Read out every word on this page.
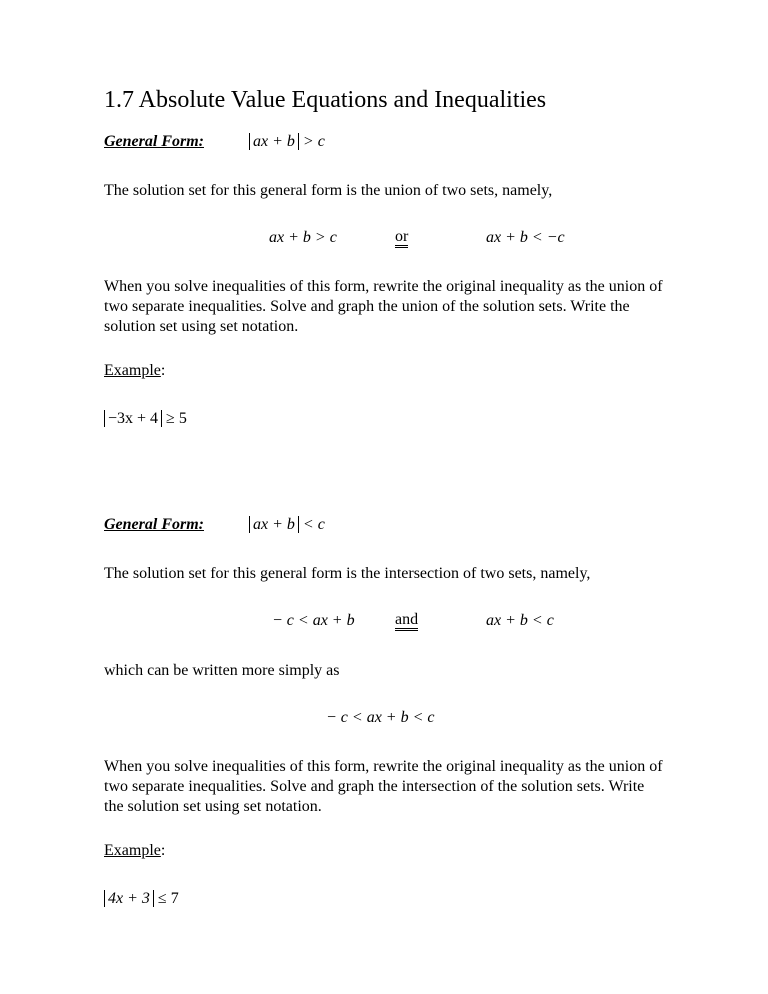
1.7 Absolute Value Equations and Inequalities
General Form:	ax + b > c
The solution set for this general form is the union of two sets, namely,
ax + b > c	or	ax + b < −c
When you solve inequalities of this form, rewrite the original inequality as the union of two separate inequalities. Solve and graph the union of the solution sets. Write the solution set using set notation.
Example:
−3x + 4 ≥ 5
General Form:	ax + b < c
The solution set for this general form is the intersection of two sets, namely,
− c < ax + b	and	ax + b < c
which can be written more simply as
− c < ax + b < c
When you solve inequalities of this form, rewrite the original inequality as the union of two separate inequalities. Solve and graph the intersection of the solution sets. Write the solution set using set notation.
Example:
4x + 3 ≤ 7
